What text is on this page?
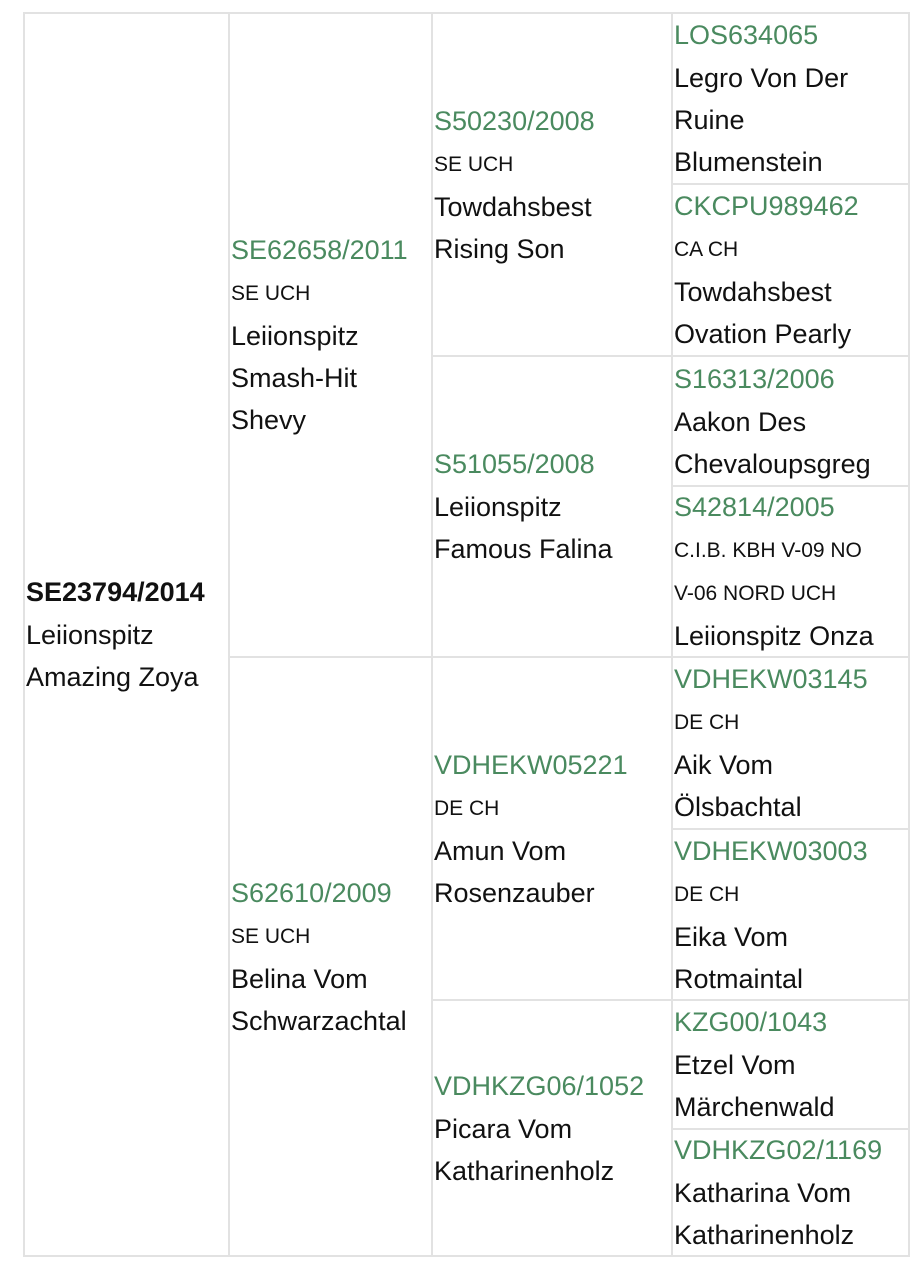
SE23794/2014
Leiionspitz
Amazing Zoya
SE62658/2011
SE UCH
Leiionspitz
Smash-Hit
Shevy
S62610/2009
SE UCH
Belina Vom
Schwarzachtal
S50230/2008
SE UCH
Towdahsbest
Rising Son
S51055/2008
Leiionspitz
Famous Falina
VDHEKW05221
DE CH
Amun Vom
Rosenzauber
VDHKZG06/1052
Picara Vom
Katharinenholz
LOS634065
Legro Von Der
Ruine
Blumenstein
CKCPU989462
CA CH
Towdahsbest
Ovation Pearly
S16313/2006
Aakon Des
Chevaloupsgreg
S42814/2005
C.I.B. KBH V-09 NO
V-06 NORD UCH
Leiionspitz Onza
VDHEKW03145
DE CH
Aik Vom
Ölsbachtal
VDHEKW03003
DE CH
Eika Vom
Rotmaintal
KZG00/1043
Etzel Vom
Märchenwald
VDHKZG02/1169
Katharina Vom
Katharinenholz
